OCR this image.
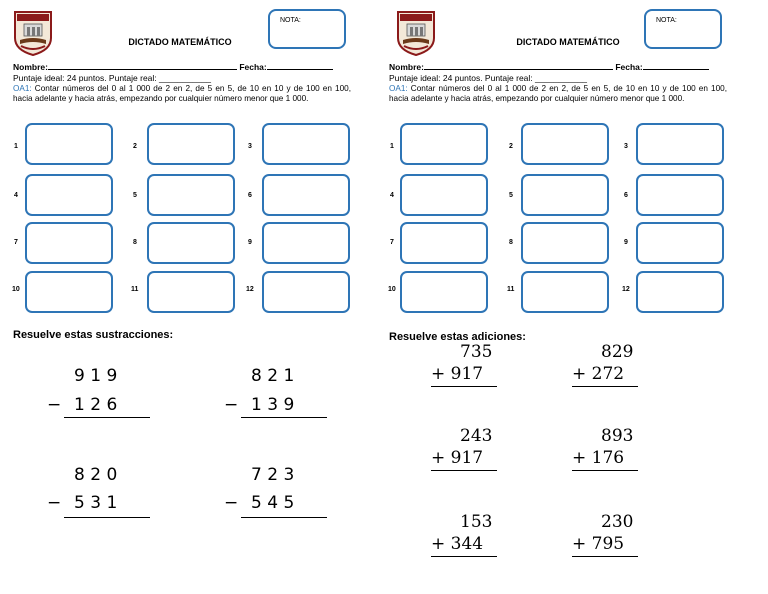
DICTADO MATEMÁTICO
NOTA:
Nombre:	Fecha:
Puntaje ideal: 24 puntos. Puntaje real: ___________
OA1: Contar números del 0 al 1 000 de 2 en 2, de 5 en 5, de 10 en 10 y de 100 en 100, hacia adelante y hacia atrás, empezando por cualquier número menor que 1 000.
1	2	3
4	5	6
7	8	9
10	11	12
Resuelve estas sustracciones:
9 1 9
− 1 2 6
8 2 1
− 1 3 9
8 2 0
− 5 3 1
7 2 3
− 5 4 5
DICTADO MATEMÁTICO
NOTA:
Nombre:	Fecha:
Puntaje ideal: 24 puntos. Puntaje real: ___________
OA1: Contar números del 0 al 1 000 de 2 en 2, de 5 en 5, de 10 en 10 y de 100 en 100, hacia adelante y hacia atrás, empezando por cualquier número menor que 1 000.
1	2	3
4	5	6
7	8	9
10	11	12
Resuelve estas adiciones:
735
+ 917
829
+ 272
243
+ 917
893
+ 176
153
+ 344
230
+ 795
